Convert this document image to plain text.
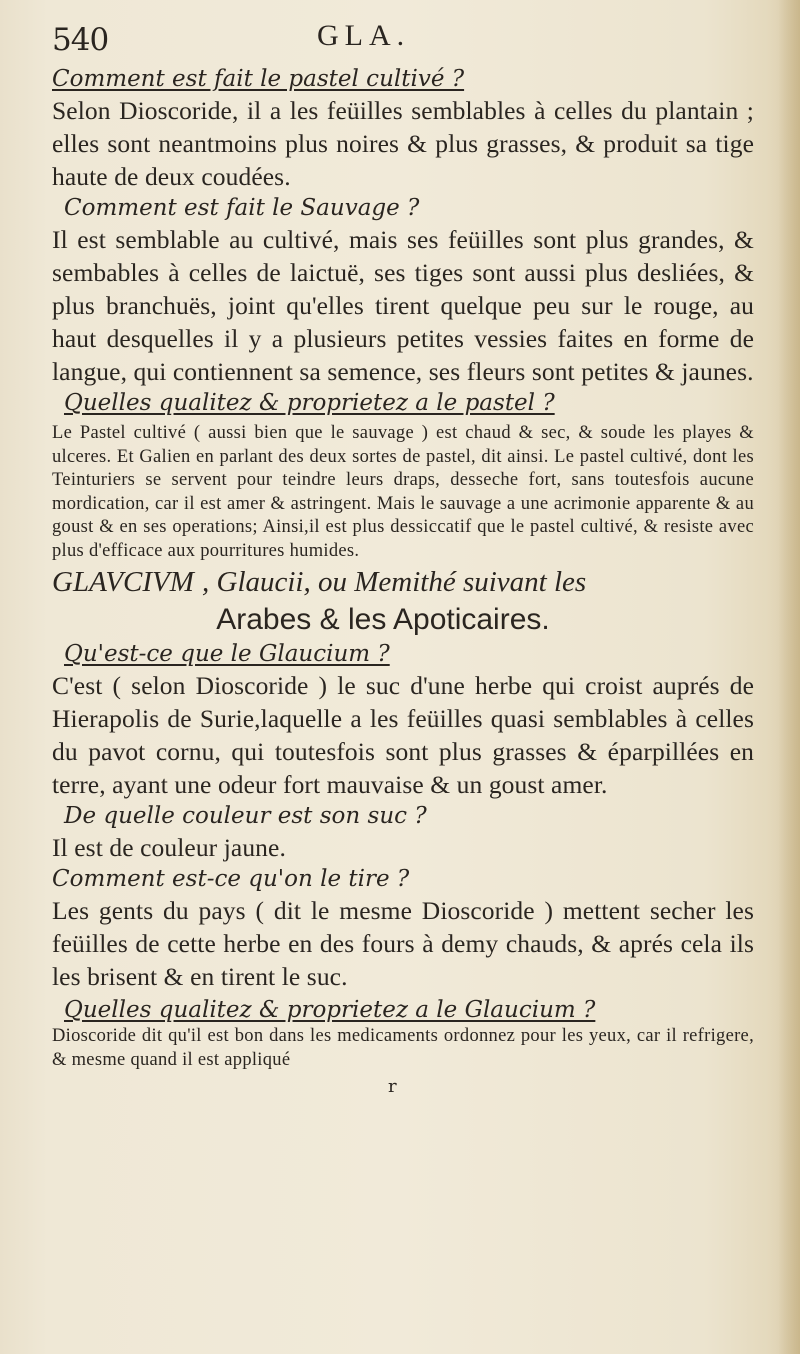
540	GLA.

Comment est fait le pastel cultivé ?

Selon Dioscoride, il a les feüilles semblables à celles du plantain ; elles sont neantmoins plus noires & plus grasses, & produit sa tige haute de deux coudées.

Comment est fait le Sauvage ?

Il est semblable au cultivé, mais ses feüilles sont plus grandes, & sembables à celles de laictuë, ses tiges sont aussi plus desliées, & plus branchuës, joint qu'elles tirent quelque peu sur le rouge, au haut desquelles il y a plusieurs petites vessies faites en forme de langue, qui contiennent sa semence, ses fleurs sont petites & jaunes.

Quelles qualitez & proprietez a le pastel ?

Le Pastel cultivé ( aussi bien que le sauvage ) est chaud & sec, & soude les playes & ulceres. Et Galien en parlant des deux sortes de pastel, dit ainsi. Le pastel cultivé, dont les Teinturiers se servent pour teindre leurs draps, desseche fort, sans toutesfois aucune mordication, car il est amer & astringent. Mais le sauvage a une acrimonie apparente & au goust & en ses operations; Ainsi,il est plus dessiccatif que le pastel cultivé, & resiste avec plus d'efficace aux pourritures humides.

GLAVCIVM , Glaucii, ou Memithé suivant les
Arabes & les Apoticaires.

Qu'est-ce que le Glaucium ?

C'est ( selon Dioscoride ) le suc d'une herbe qui croist auprés de Hierapolis de Surie,laquelle a les feüilles quasi semblables à celles du pavot cornu, qui toutesfois sont plus grasses & éparpillées en terre, ayant une odeur fort mauvaise & un goust amer.

De quelle couleur est son suc ?

Il est de couleur jaune.

Comment est-ce qu'on le tire ?

Les gents du pays ( dit le mesme Dioscoride ) mettent secher les feüilles de cette herbe en des fours à demy chauds, & aprés cela ils les brisent & en tirent le suc.

Quelles qualitez & proprietez a le Glaucium ?

Dioscoride dit qu'il est bon dans les medicaments ordonnez pour les yeux, car il refrigere, & mesme quand il est appliqué

r
